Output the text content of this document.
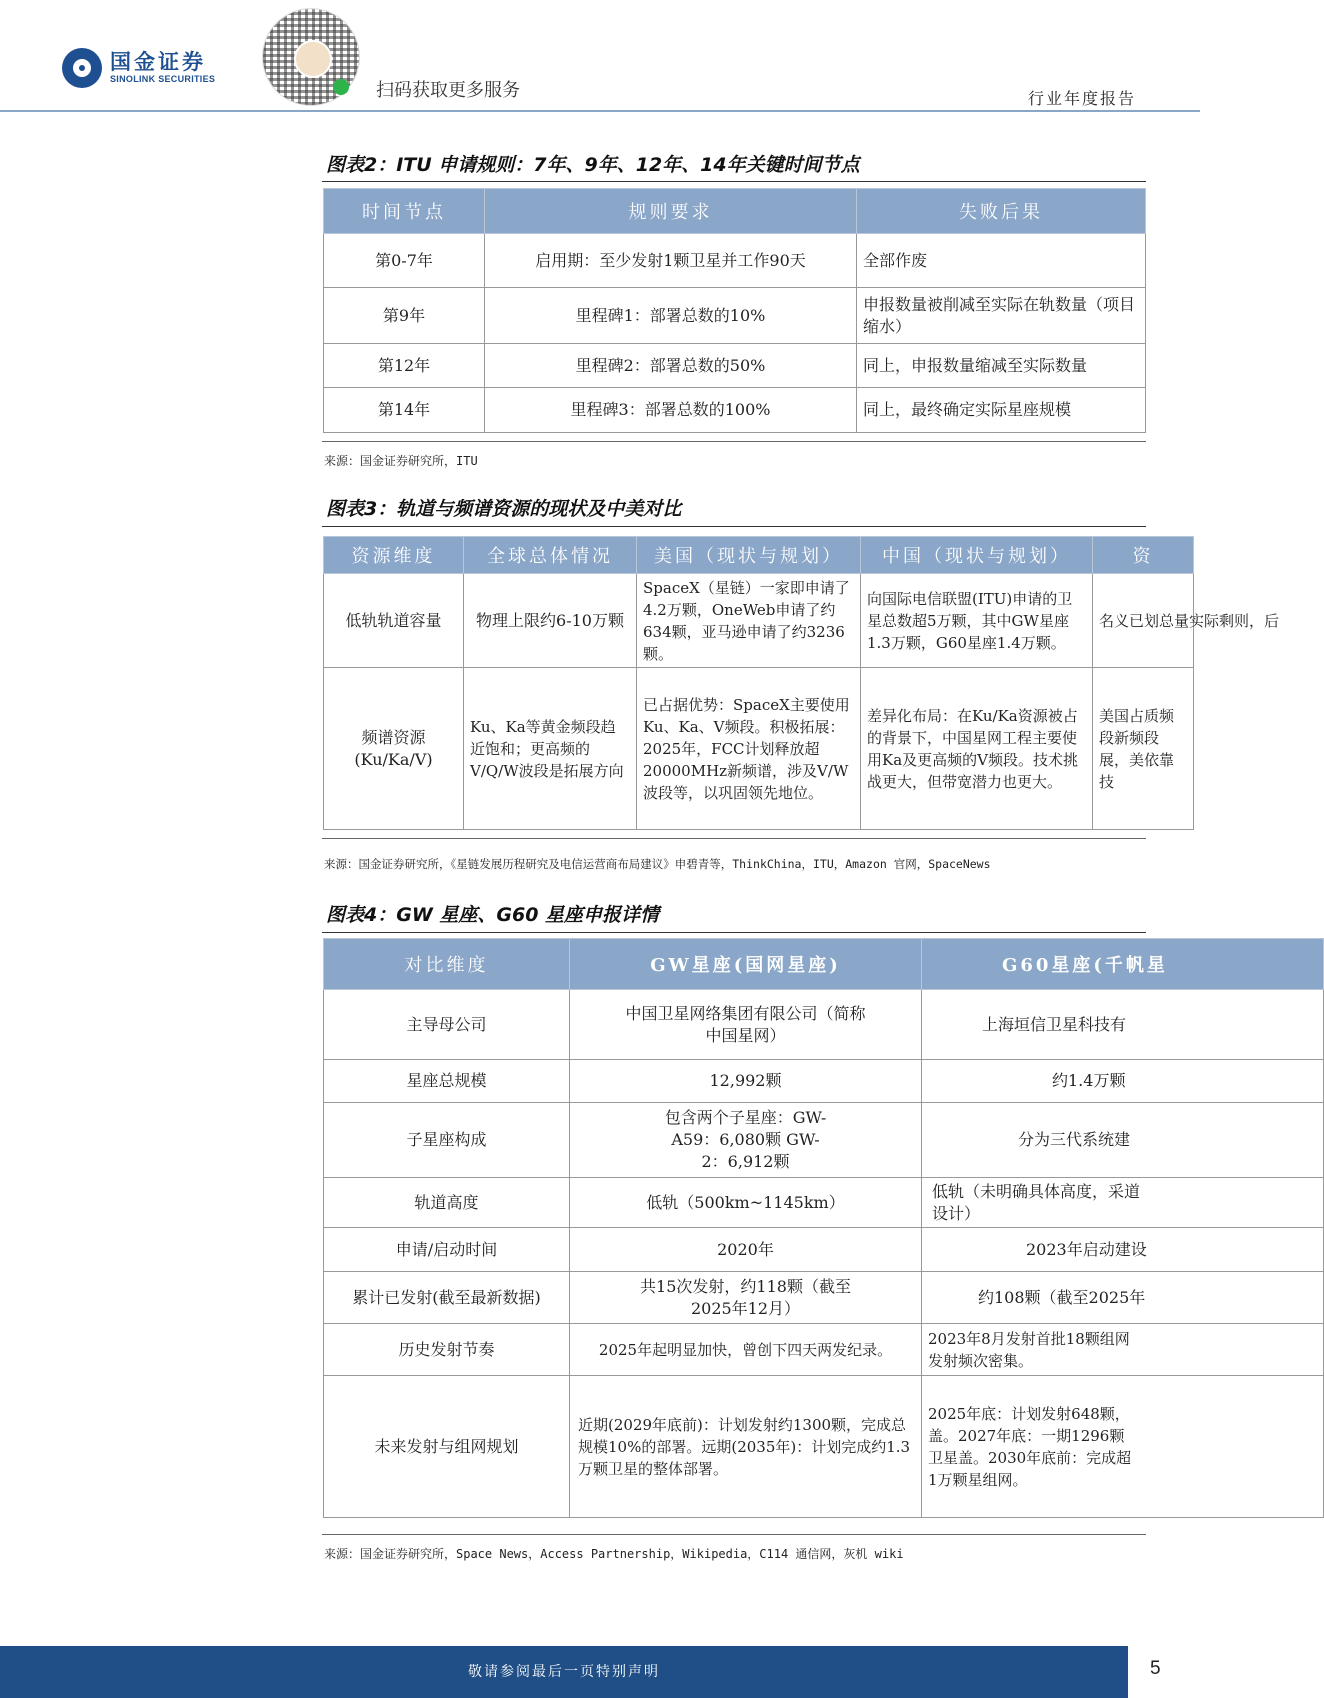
国金证券
SINOLINK SECURITIES
扫码获取更多服务	行业年度报告
图表2：ITU 申请规则：7年、9年、12年、14年关键时间节点
时间节点	规则要求	失败后果
第0-7年	启用期：至少发射1颗卫星并工作90天	全部作废
第9年	里程碑1：部署总数的10%	申报数量被削减至实际在轨数量（项目缩水）
第12年	里程碑2：部署总数的50%	同上，申报数量缩减至实际数量
第14年	里程碑3：部署总数的100%	同上，最终确定实际星座规模
来源：国金证券研究所，ITU
图表3：轨道与频谱资源的现状及中美对比
资源维度	全球总体情况	美国（现状与规划）	中国（现状与规划）	资
低轨轨道容量	物理上限约6-10万颗	SpaceX（星链）一家即申请了4.2万颗，OneWeb申请了约634颗，亚马逊申请了约3236颗。	向国际电信联盟(ITU)申请的卫星总数超5万颗，其中GW星座1.3万颗，G60星座1.4万颗。	名义已划总量实际剩则，后
频谱资源(Ku/Ka/V)	Ku、Ka等黄金频段趋近饱和；更高频的V/Q/W波段是拓展方向	已占据优势：SpaceX主要使用Ku、Ka、V频段。积极拓展：2025年，FCC计划释放超20000MHz新频谱，涉及V/W波段等，以巩固领先地位。	差异化布局：在Ku/Ka资源被占的背景下，中国星网工程主要使用Ka及更高频的V频段。技术挑战更大，但带宽潜力也更大。	美国占质频段新频段展，美依靠技
来源：国金证券研究所，《星链发展历程研究及电信运营商布局建议》申碧青等，ThinkChina，ITU，Amazon 官网，SpaceNews
图表4：GW 星座、G60 星座申报详情
对比维度	GW星座(国网星座)	G60星座(千帆星
主导母公司	中国卫星网络集团有限公司（简称中国星网）	上海垣信卫星科技有
星座总规模	12,992颗	约1.4万颗
子星座构成	包含两个子星座：GW-A59：6,080颗 GW-2：6,912颗	分为三代系统建
轨道高度	低轨（500km~1145km）	低轨（未明确具体高度，采道设计）
申请/启动时间	2020年	2023年启动建设
累计已发射(截至最新数据)	共15次发射，约118颗（截至2025年12月）	约108颗（截至2025年
历史发射节奏	2025年起明显加快，曾创下四天两发纪录。	2023年8月发射首批18颗组网发射频次密集。
未来发射与组网规划	近期(2029年底前)：计划发射约1300颗，完成总规模10%的部署。远期(2035年)：计划完成约1.3万颗卫星的整体部署。	2025年底：计划发射648颗，盖。2027年底：一期1296颗卫星盖。2030年底前：完成超1万颗星组网。
来源：国金证券研究所，Space News，Access Partnership，Wikipedia，C114 通信网，灰机 wiki
敬请参阅最后一页特别声明	5
